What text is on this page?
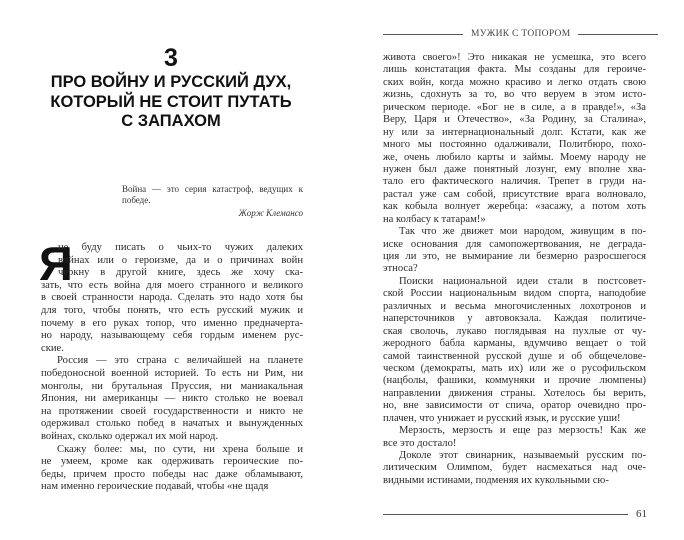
3
ПРО ВОЙНУ И РУССКИЙ ДУХ,
КОТОРЫЙ НЕ СТОИТ ПУТАТЬ
С ЗАПАХОМ
Война — это серия катастроф, ведущих к победе.
Жорж Клемансо
Я
не буду писать о чьих-то чужих далеких
войнах или о героизме, да и о причинах войн
черкну в другой книге, здесь же хочу ска-
зать, что есть война для моего странного и великого
в своей странности народа. Сделать это надо хотя бы
для того, чтобы понять, что есть русский мужик и
почему в его руках топор, что именно предначерта-
но народу, называющему себя гордым именем рус-
ские.
Россия — это страна с величайшей на планете
победоносной военной историей. То есть ни Рим, ни
монголы, ни брутальная Пруссия, ни маниакальная
Япония, ни американцы — никто столько не воевал
на протяжении своей государственности и никто не
одерживал столько побед в начатых и вынужденных
войнах, сколько одержал их мой народ.
Скажу более: мы, по сути, ни хрена больше и
не умеем, кроме как одерживать героические по-
беды, причем просто победы нас даже обламывают,
нам именно героические подавай, чтобы «не щадя
МУЖИК С ТОПОРОМ
живота своего»! Это никакая не усмешка, это всего
лишь констатация факта. Мы созданы для героиче-
ских войн, когда можно красиво и легко отдать свою
жизнь, сдохнуть за то, во что веруем в этом исто-
рическом периоде. «Бог не в силе, а в правде!», «За
Веру, Царя и Отечество», «За Родину, за Сталина»,
ну или за интернациональный долг. Кстати, как же
много мы постоянно одалживали, Политбюро, похо-
же, очень любило карты и займы. Моему народу не
нужен был даже понятный лозунг, ему вполне хва-
тало его фактического наличия. Трепет в груди на-
растал уже сам собой, присутствие врага волновало,
как кобыла волнует жеребца: «засажу, а потом хоть
на колбасу к татарам!»
Так что же движет мои народом, живущим в по-
иске основания для самопожертвования, не деграда-
ция ли это, не вымирание ли безмерно разросшегося
этноса?
Поиски национальной идеи стали в постсовет-
ской России национальным видом спорта, наподобие
различных и весьма многочисленных лохотронов и
наперсточников у автовокзала. Каждая политиче-
ская сволочь, лукаво поглядывая на пухлые от чу-
жеродного бабла карманы, вдумчиво вещает о той
самой таинственной русской душе и об общечелове-
ческом (демократы, мать их) или же о русофильском
(нацболы, фашики, коммуняки и прочие люмпены)
направлении движения страны. Хотелось бы верить,
но, вне зависимости от спича, оратор очевидно про-
плачен, что унижает и русский язык, и русские уши!
Мерзость, мерзость и еще раз мерзость! Как же
все это достало!
Доколе этот свинарник, называемый русским по-
литическим Олимпом, будет насмехаться над оче-
видными истинами, подменяя их кукольными сю-
61
